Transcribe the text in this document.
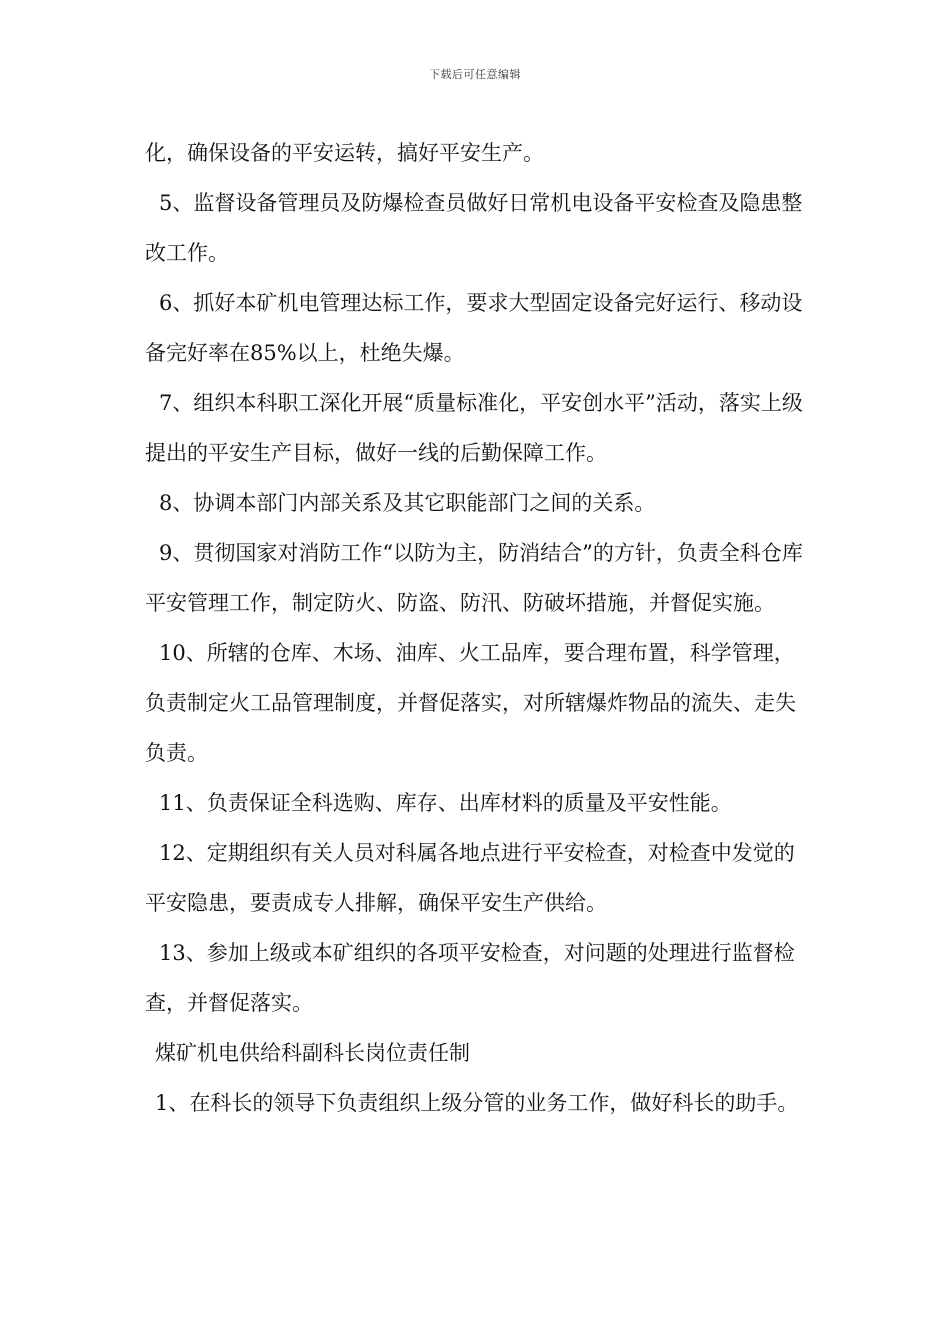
下载后可任意编辑

化，确保设备的平安运转，搞好平安生产。

5、监督设备管理员及防爆检查员做好日常机电设备平安检查及隐患整改工作。

6、抓好本矿机电管理达标工作，要求大型固定设备完好运行、移动设备完好率在85%以上，杜绝失爆。

7、组织本科职工深化开展“质量标准化，平安创水平”活动，落实上级提出的平安生产目标，做好一线的后勤保障工作。

8、协调本部门内部关系及其它职能部门之间的关系。

9、贯彻国家对消防工作“以防为主，防消结合”的方针，负责全科仓库平安管理工作，制定防火、防盗、防汛、防破坏措施，并督促实施。

10、所辖的仓库、木场、油库、火工品库，要合理布置，科学管理，负责制定火工品管理制度，并督促落实，对所辖爆炸物品的流失、走失负责。

11、负责保证全科选购、库存、出库材料的质量及平安性能。

12、定期组织有关人员对科属各地点进行平安检查，对检查中发觉的平安隐患，要责成专人排解，确保平安生产供给。

13、参加上级或本矿组织的各项平安检查，对问题的处理进行监督检查，并督促落实。

煤矿机电供给科副科长岗位责任制

1、在科长的领导下负责组织上级分管的业务工作，做好科长的助手。
